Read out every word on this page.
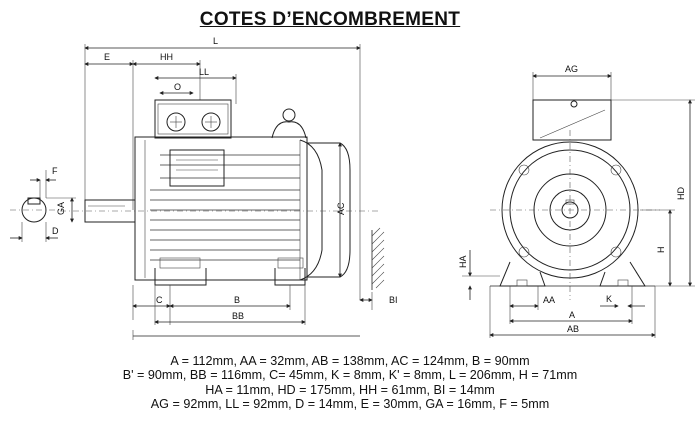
L
E	HH
O
LL
AC
BI
C	B
BB
F
GA
D
AG
HD
H
HA
AA	K
A
AB
COTES D’ENCOMBREMENT
A = 112mm, AA = 32mm, AB = 138mm, AC = 124mm, B = 90mm
B' = 90mm, BB = 116mm, C= 45mm, K = 8mm, K' = 8mm, L = 206mm, H = 71mm
HA = 11mm, HD = 175mm, HH = 61mm, BI = 14mm
AG = 92mm, LL = 92mm, D = 14mm, E = 30mm, GA = 16mm, F = 5mm
